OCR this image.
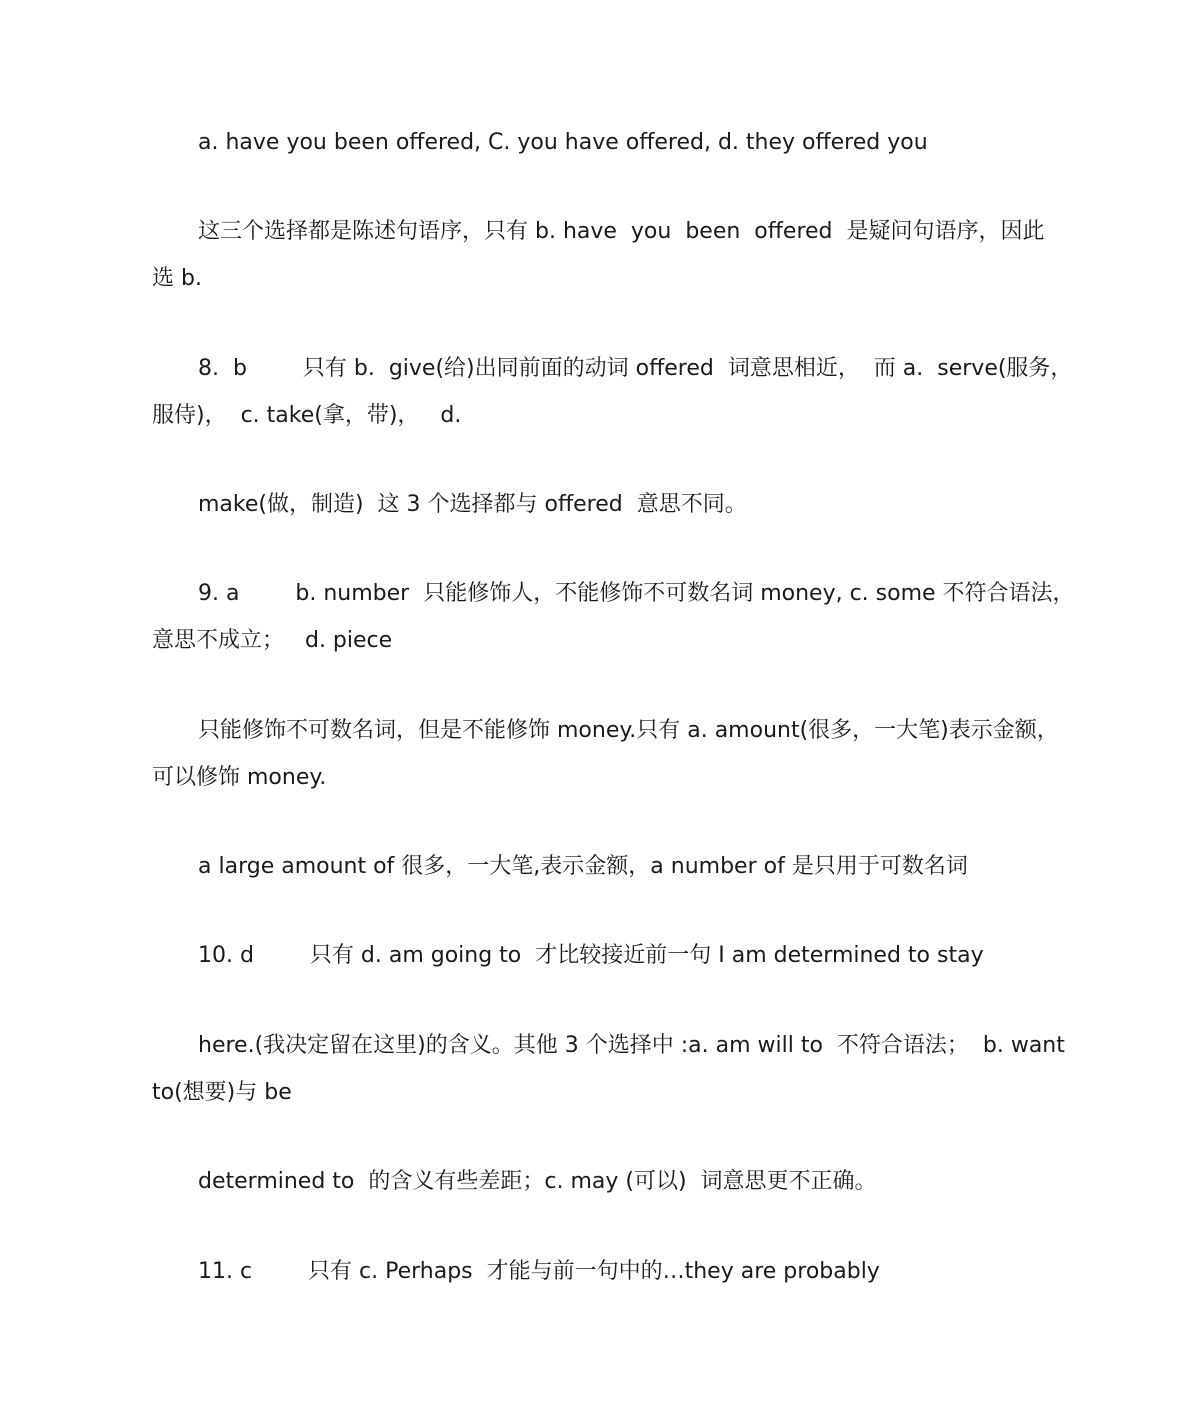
a. have you been offered, C. you have offered, d. they offered you

这三个选择都是陈述句语序，只有 b. have  you  been  offered  是疑问句语序，因此
选 b.

8.  b        只有 b.  give(给)出同前面的动词 offered  词意思相近，  而 a.  serve(服务，
服侍)，  c. take(拿，带)，   d.

make(做，制造)  这 3 个选择都与 offered  意思不同。

9. a        b. number  只能修饰人，不能修饰不可数名词 money, c. some 不符合语法，
意思不成立；   d. piece

只能修饰不可数名词，但是不能修饰 money.只有 a. amount(很多，一大笔)表示金额，
可以修饰 money.

a large amount of 很多，一大笔,表示金额，a number of 是只用于可数名词

10. d        只有 d. am going to  才比较接近前一句 I am determined to stay

here.(我决定留在这里)的含义。其他 3 个选择中 :a. am will to  不符合语法；  b. want
to(想要)与 be

determined to  的含义有些差距；c. may (可以)  词意思更不正确。

11. c        只有 c. Perhaps  才能与前一句中的…they are probably
